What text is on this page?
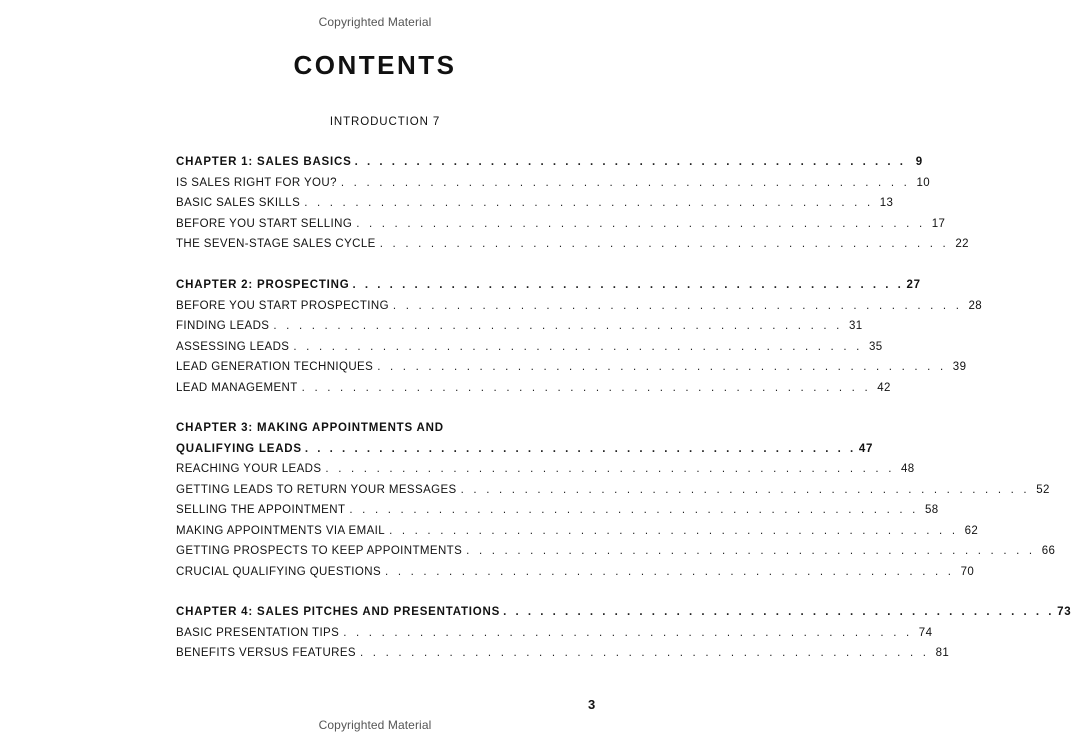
Copyrighted Material
CONTENTS
INTRODUCTION 7
CHAPTER 1: SALES BASICS . . . . . . . . . . . . . . . . . . . . . . . . . . . . . . . . . . . . . . . . . . . . . 9
IS SALES RIGHT FOR YOU? . . . . . . . . . . . . . . . . . . . . . . . . . . . . . . . . . . . . . . . . . . . . . 10
BASIC SALES SKILLS . . . . . . . . . . . . . . . . . . . . . . . . . . . . . . . . . . . . . . . . . . . . . 13
BEFORE YOU START SELLING . . . . . . . . . . . . . . . . . . . . . . . . . . . . . . . . . . . . . . . . . . . . . 17
THE SEVEN-STAGE SALES CYCLE . . . . . . . . . . . . . . . . . . . . . . . . . . . . . . . . . . . . . . . . . . . . . 22
CHAPTER 2: PROSPECTING . . . . . . . . . . . . . . . . . . . . . . . . . . . . . . . . . . . . . . . . . . . . . 27
BEFORE YOU START PROSPECTING . . . . . . . . . . . . . . . . . . . . . . . . . . . . . . . . . . . . . . . . . . . . . 28
FINDING LEADS . . . . . . . . . . . . . . . . . . . . . . . . . . . . . . . . . . . . . . . . . . . . . 31
ASSESSING LEADS . . . . . . . . . . . . . . . . . . . . . . . . . . . . . . . . . . . . . . . . . . . . . 35
LEAD GENERATION TECHNIQUES . . . . . . . . . . . . . . . . . . . . . . . . . . . . . . . . . . . . . . . . . . . . . 39
LEAD MANAGEMENT . . . . . . . . . . . . . . . . . . . . . . . . . . . . . . . . . . . . . . . . . . . . . 42
CHAPTER 3: MAKING APPOINTMENTS AND
QUALIFYING LEADS . . . . . . . . . . . . . . . . . . . . . . . . . . . . . . . . . . . . . . . . . . . . . 47
REACHING YOUR LEADS . . . . . . . . . . . . . . . . . . . . . . . . . . . . . . . . . . . . . . . . . . . . . 48
GETTING LEADS TO RETURN YOUR MESSAGES . . . . . . . . . . . . . . . . . . . . . . . . . . . . . . . . . . . . . . . . . . . . . 52
SELLING THE APPOINTMENT . . . . . . . . . . . . . . . . . . . . . . . . . . . . . . . . . . . . . . . . . . . . . 58
MAKING APPOINTMENTS VIA EMAIL . . . . . . . . . . . . . . . . . . . . . . . . . . . . . . . . . . . . . . . . . . . . . 62
GETTING PROSPECTS TO KEEP APPOINTMENTS . . . . . . . . . . . . . . . . . . . . . . . . . . . . . . . . . . . . . . . . . . . . . 66
CRUCIAL QUALIFYING QUESTIONS . . . . . . . . . . . . . . . . . . . . . . . . . . . . . . . . . . . . . . . . . . . . . 70
CHAPTER 4: SALES PITCHES AND PRESENTATIONS . . . . . . . . . . . . . . . . . . . . . . . . . . . . . . . . . . . . . . . . . . . . . 73
BASIC PRESENTATION TIPS . . . . . . . . . . . . . . . . . . . . . . . . . . . . . . . . . . . . . . . . . . . . . 74
BENEFITS VERSUS FEATURES . . . . . . . . . . . . . . . . . . . . . . . . . . . . . . . . . . . . . . . . . . . . . 81
3
Copyrighted Material
